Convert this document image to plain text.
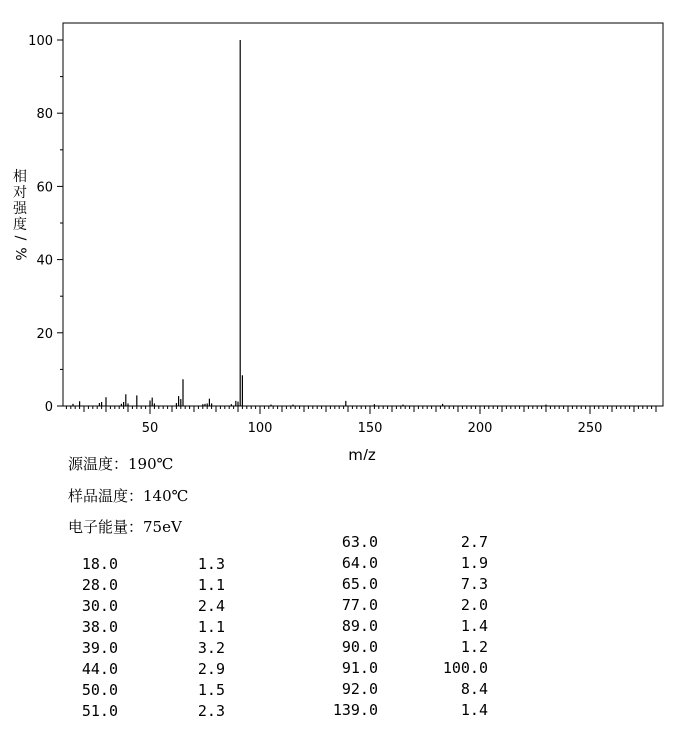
0
20
40
60
80
100
50	100	150	200	250
m/z
相
对
强
度
/
%
源温度：190℃
样品温度：140℃
电子能量：75eV
18.0	1.3
28.0	1.1
30.0	2.4
38.0	1.1
39.0	3.2
44.0	2.9
50.0	1.5
51.0	2.3
63.0	2.7
64.0	1.9
65.0	7.3
77.0	2.0
89.0	1.4
90.0	1.2
91.0	100.0
92.0	8.4
139.0	1.4
